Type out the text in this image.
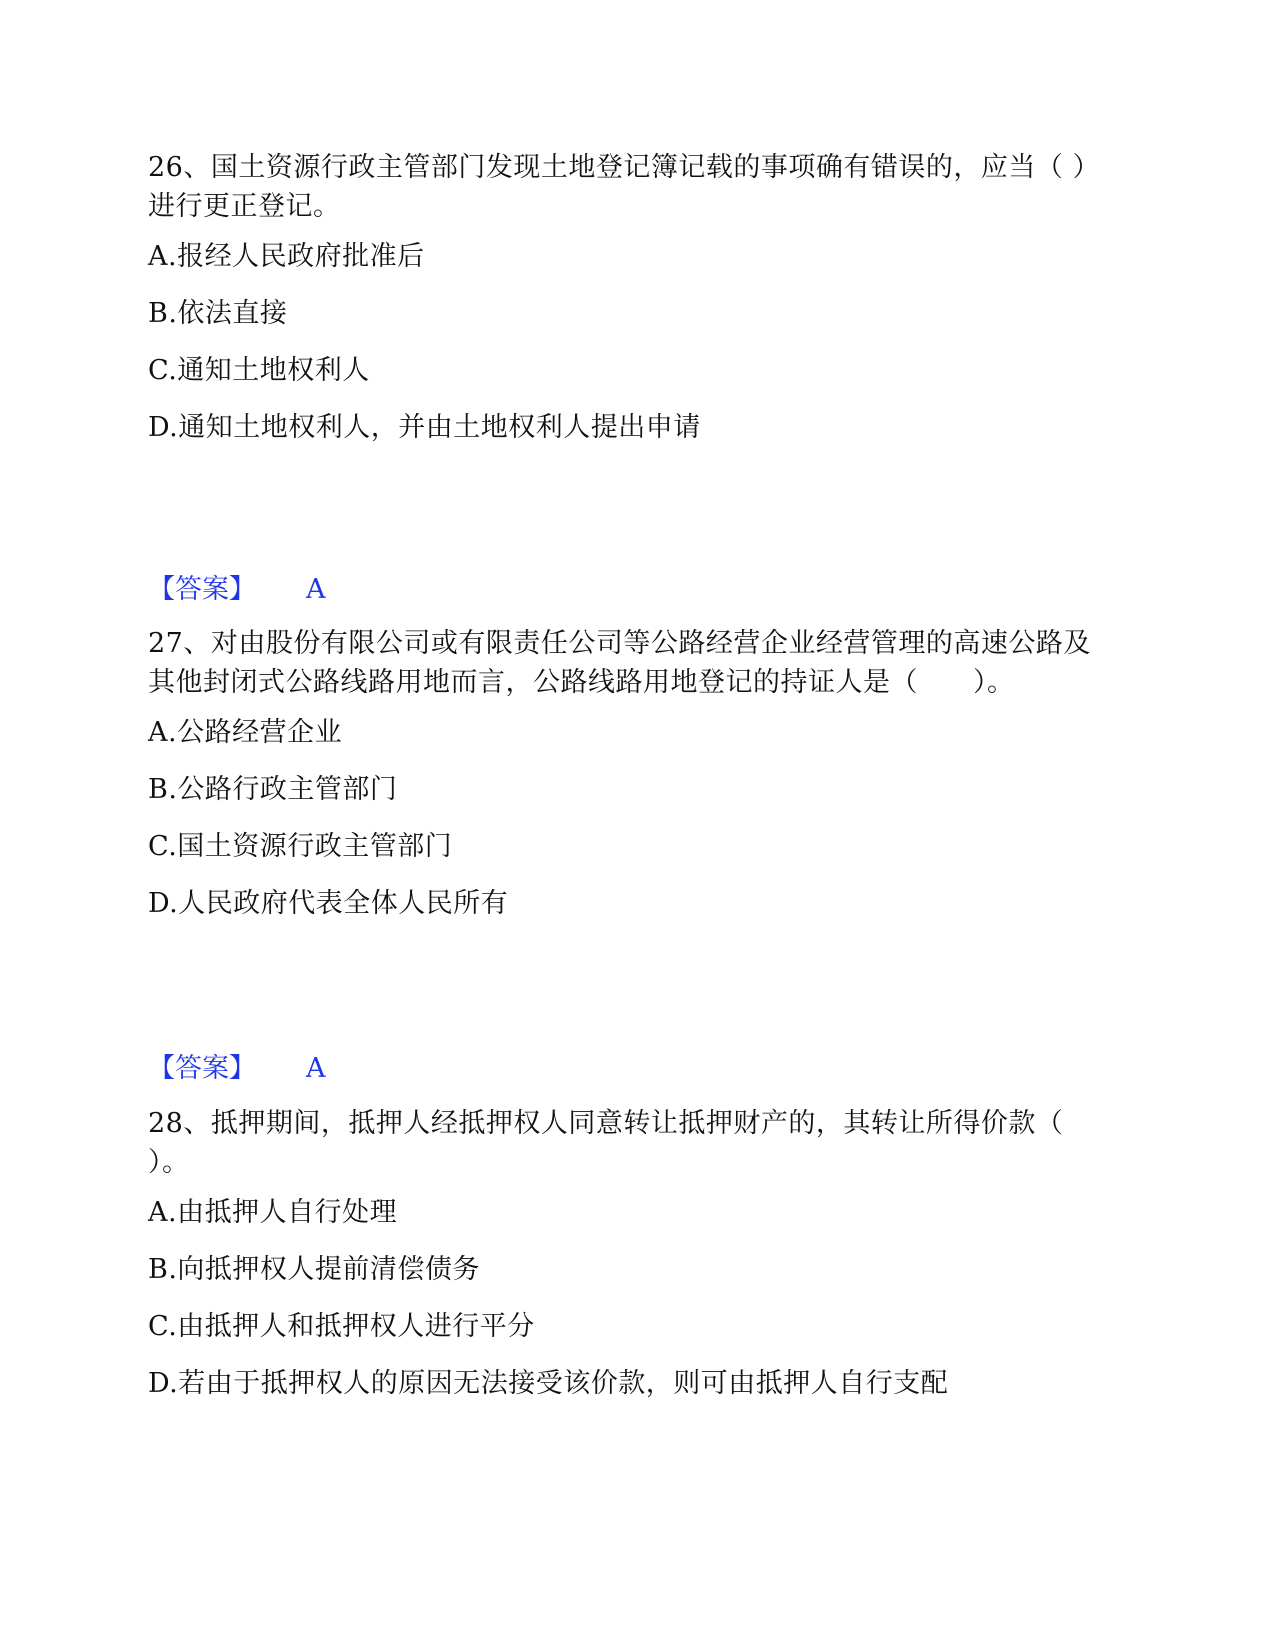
26、国土资源行政主管部门发现土地登记簿记载的事项确有错误的，应当（ ）进行更正登记。

A.报经人民政府批准后
B.依法直接
C.通知土地权利人
D.通知土地权利人，并由土地权利人提出申请
【答案】 A

27、对由股份有限公司或有限责任公司等公路经营企业经营管理的高速公路及其他封闭式公路线路用地而言，公路线路用地登记的持证人是（　　）。

A.公路经营企业
B.公路行政主管部门
C.国土资源行政主管部门
D.人民政府代表全体人民所有
【答案】 A

28、抵押期间，抵押人经抵押权人同意转让抵押财产的，其转让所得价款（ ）。

A.由抵押人自行处理
B.向抵押权人提前清偿债务
C.由抵押人和抵押权人进行平分
D.若由于抵押权人的原因无法接受该价款，则可由抵押人自行支配
